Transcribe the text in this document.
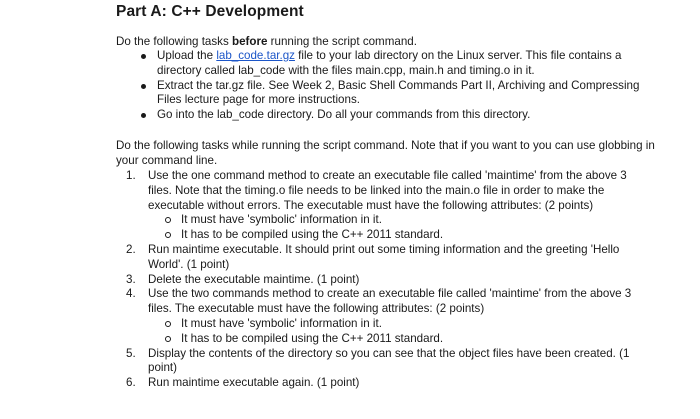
Part A: C++ Development

Do the following tasks before running the script command.

Upload the lab_code.tar.gz file to your lab directory on the Linux server. This file contains a directory called lab_code with the files main.cpp, main.h and timing.o in it.
Extract the tar.gz file. See Week 2, Basic Shell Commands Part II, Archiving and Compressing Files lecture page for more instructions.
Go into the lab_code directory. Do all your commands from this directory.

Do the following tasks while running the script command. Note that if you want to you can use globbing in your command line.

1. Use the one command method to create an executable file called 'maintime' from the above 3 files. Note that the timing.o file needs to be linked into the main.o file in order to make the executable without errors. The executable must have the following attributes: (2 points)
It must have 'symbolic' information in it.
It has to be compiled using the C++ 2011 standard.
2. Run maintime executable. It should print out some timing information and the greeting 'Hello World'. (1 point)
3. Delete the executable maintime. (1 point)
4. Use the two commands method to create an executable file called 'maintime' from the above 3 files. The executable must have the following attributes: (2 points)
It must have 'symbolic' information in it.
It has to be compiled using the C++ 2011 standard.
5. Display the contents of the directory so you can see that the object files have been created. (1 point)
6. Run maintime executable again. (1 point)
